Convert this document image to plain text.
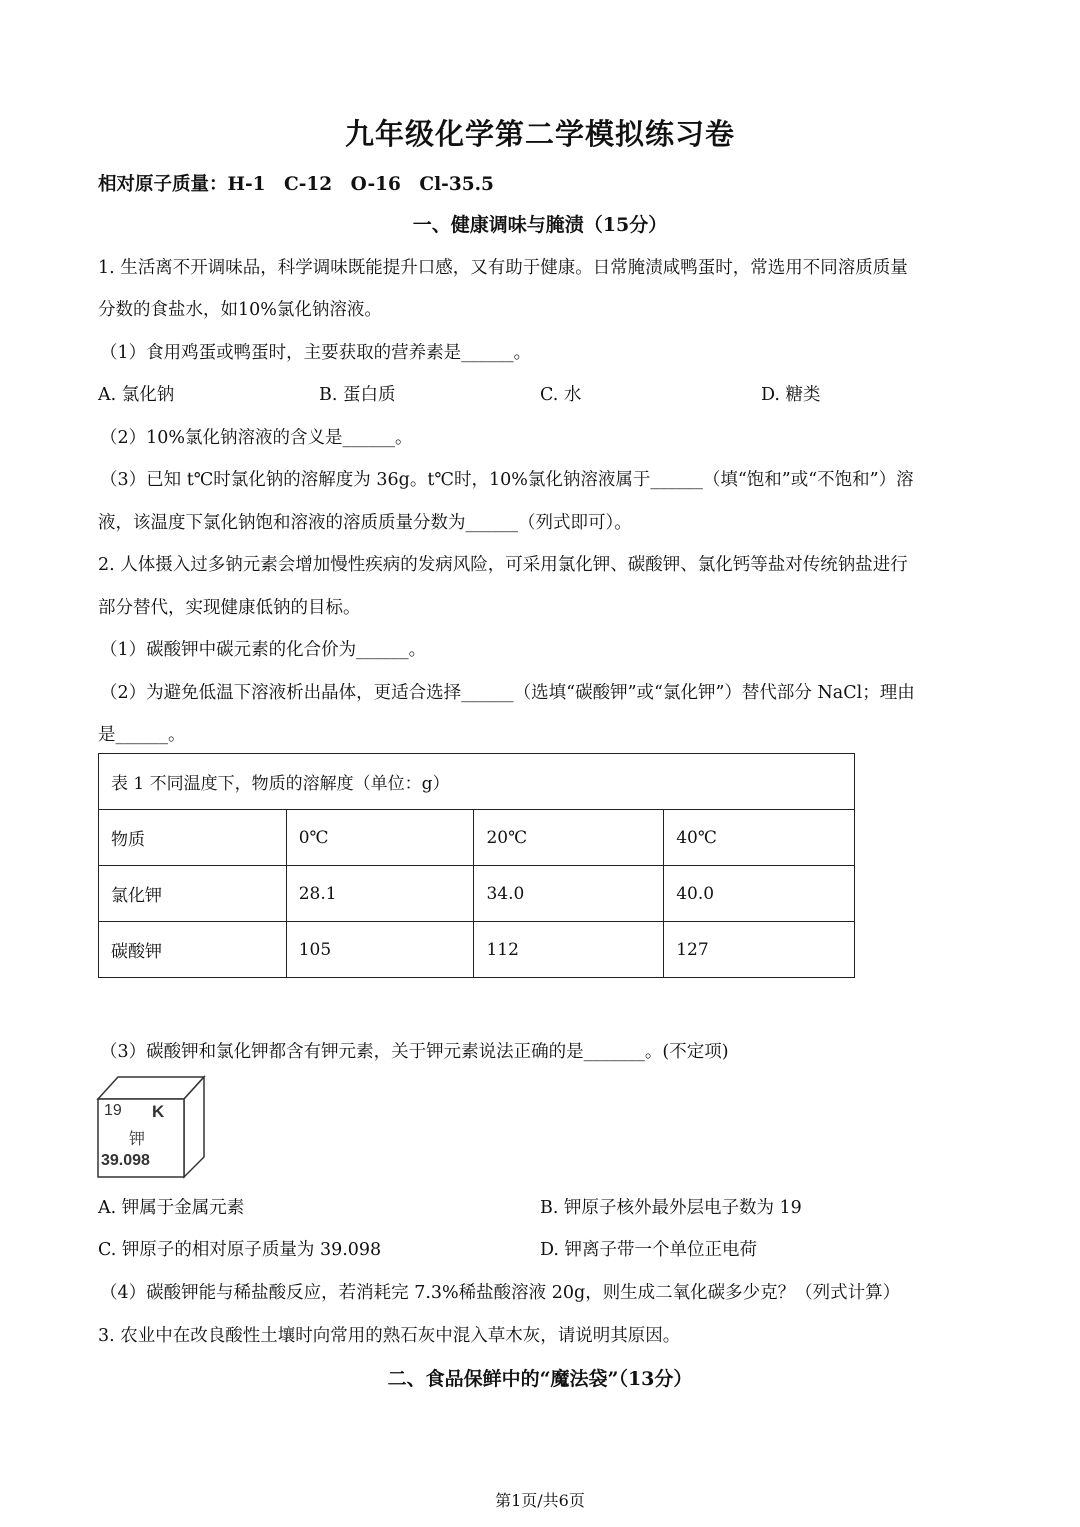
九年级化学第二学模拟练习卷
相对原子质量：H-1　C-12　O-16　Cl-35.5
一、健康调味与腌渍（15分）
1. 生活离不开调味品，科学调味既能提升口感，又有助于健康。日常腌渍咸鸭蛋时，常选用不同溶质质量
分数的食盐水，如10%氯化钠溶液。
（1）食用鸡蛋或鸭蛋时，主要获取的营养素是______。
A. 氯化钠	B. 蛋白质	C. 水	D. 糖类
（2）10%氯化钠溶液的含义是______。
（3）已知 t℃时氯化钠的溶解度为 36g。t℃时，10%氯化钠溶液属于______（填“饱和”或“不饱和”）溶
液，该温度下氯化钠饱和溶液的溶质质量分数为______（列式即可）。
2. 人体摄入过多钠元素会增加慢性疾病的发病风险，可采用氯化钾、碳酸钾、氯化钙等盐对传统钠盐进行
部分替代，实现健康低钠的目标。
（1）碳酸钾中碳元素的化合价为______。
（2）为避免低温下溶液析出晶体，更适合选择______（选填“碳酸钾”或“氯化钾”）替代部分 NaCl；理由
是______。
表 1 不同温度下，物质的溶解度（单位：g）			
物质	0℃	20℃	40℃
氯化钾	28.1	34.0	40.0
碳酸钾	105	112	127
（3）碳酸钾和氯化钾都含有钾元素，关于钾元素说法正确的是_______。(不定项)
19 K
钾
39.098
A. 钾属于金属元素	B. 钾原子核外最外层电子数为 19
C. 钾原子的相对原子质量为 39.098	D. 钾离子带一个单位正电荷
（4）碳酸钾能与稀盐酸反应，若消耗完 7.3%稀盐酸溶液 20g，则生成二氧化碳多少克？（列式计算）
3. 农业中在改良酸性土壤时向常用的熟石灰中混入草木灰，请说明其原因。
二、食品保鲜中的“魔法袋”（13分）
第1页/共6页
